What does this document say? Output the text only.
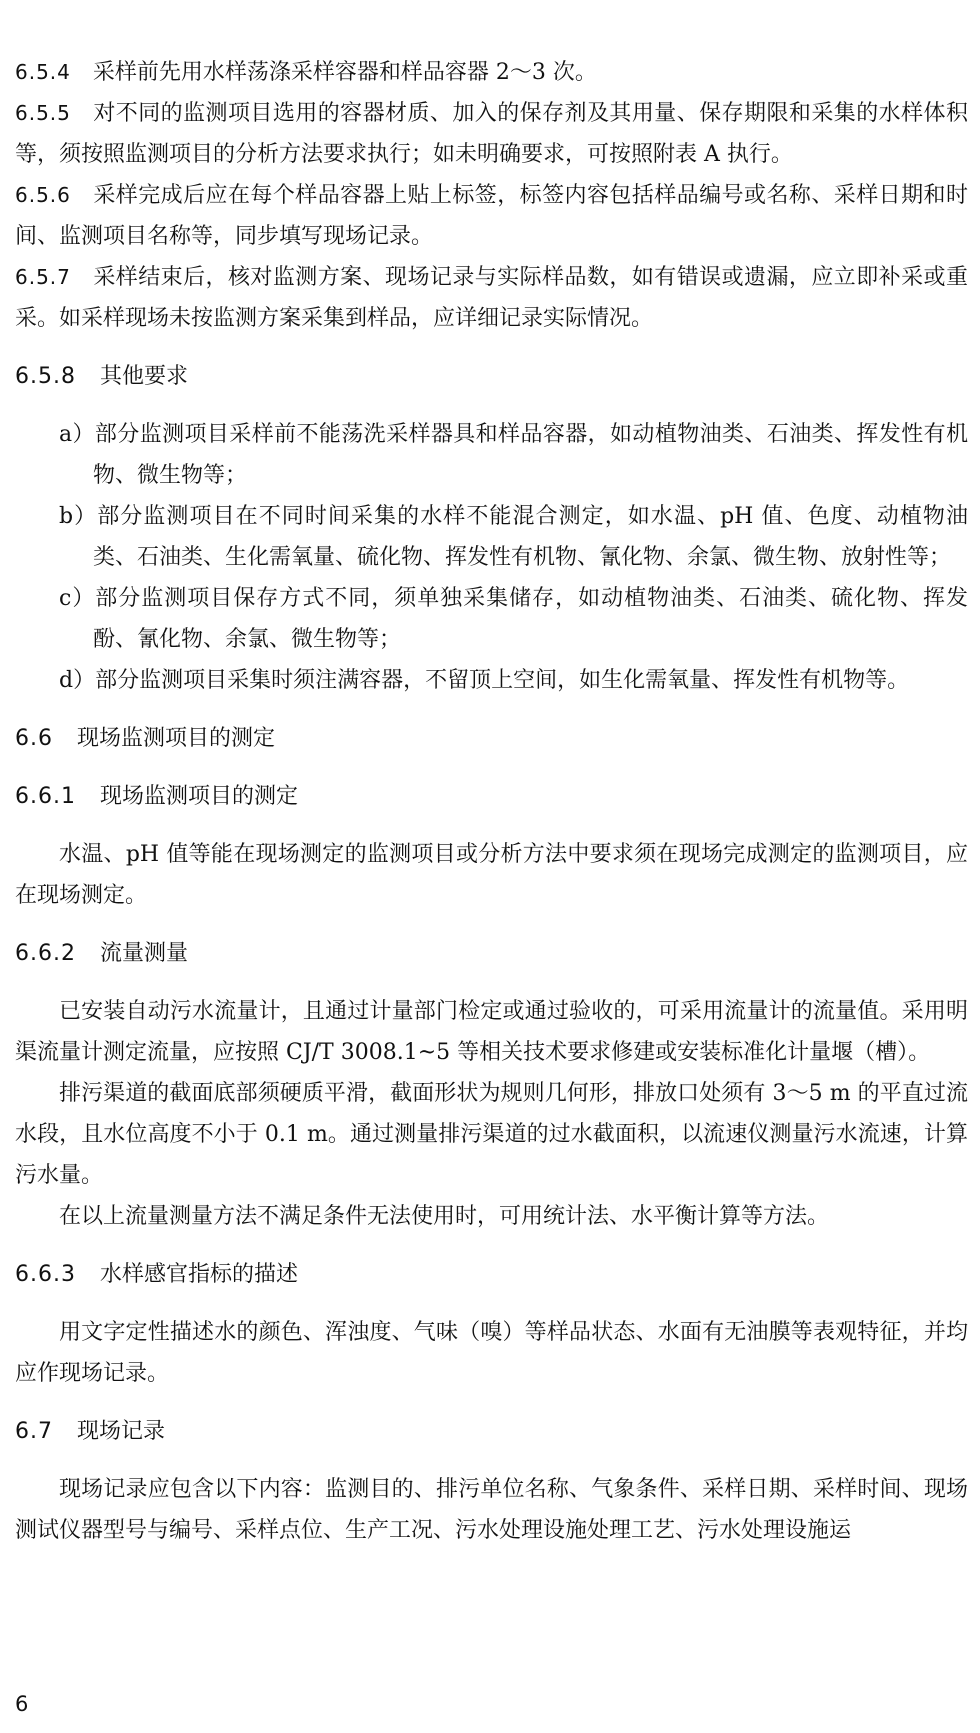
6.5.4 采样前先用水样荡涤采样容器和样品容器 2～3 次。

6.5.5 对不同的监测项目选用的容器材质、加入的保存剂及其用量、保存期限和采集的水样体积等，须按照监测项目的分析方法要求执行；如未明确要求，可按照附表 A 执行。

6.5.6 采样完成后应在每个样品容器上贴上标签，标签内容包括样品编号或名称、采样日期和时间、监测项目名称等，同步填写现场记录。

6.5.7 采样结束后，核对监测方案、现场记录与实际样品数，如有错误或遗漏，应立即补采或重采。如采样现场未按监测方案采集到样品，应详细记录实际情况。

6.5.8 其他要求

a）部分监测项目采样前不能荡洗采样器具和样品容器，如动植物油类、石油类、挥发性有机物、微生物等；
b）部分监测项目在不同时间采集的水样不能混合测定，如水温、pH 值、色度、动植物油类、石油类、生化需氧量、硫化物、挥发性有机物、氰化物、余氯、微生物、放射性等；
c）部分监测项目保存方式不同，须单独采集储存，如动植物油类、石油类、硫化物、挥发酚、氰化物、余氯、微生物等；
d）部分监测项目采集时须注满容器，不留顶上空间，如生化需氧量、挥发性有机物等。

6.6 现场监测项目的测定

6.6.1 现场监测项目的测定

水温、pH 值等能在现场测定的监测项目或分析方法中要求须在现场完成测定的监测项目，应在现场测定。

6.6.2 流量测量

已安装自动污水流量计，且通过计量部门检定或通过验收的，可采用流量计的流量值。采用明渠流量计测定流量，应按照 CJ/T 3008.1~5 等相关技术要求修建或安装标准化计量堰（槽）。

排污渠道的截面底部须硬质平滑，截面形状为规则几何形，排放口处须有 3～5 m 的平直过流水段，且水位高度不小于 0.1 m。通过测量排污渠道的过水截面积，以流速仪测量污水流速，计算污水量。

在以上流量测量方法不满足条件无法使用时，可用统计法、水平衡计算等方法。

6.6.3 水样感官指标的描述

用文字定性描述水的颜色、浑浊度、气味（嗅）等样品状态、水面有无油膜等表观特征，并均应作现场记录。

6.7 现场记录

现场记录应包含以下内容：监测目的、排污单位名称、气象条件、采样日期、采样时间、现场测试仪器型号与编号、采样点位、生产工况、污水处理设施处理工艺、污水处理设施运

6
